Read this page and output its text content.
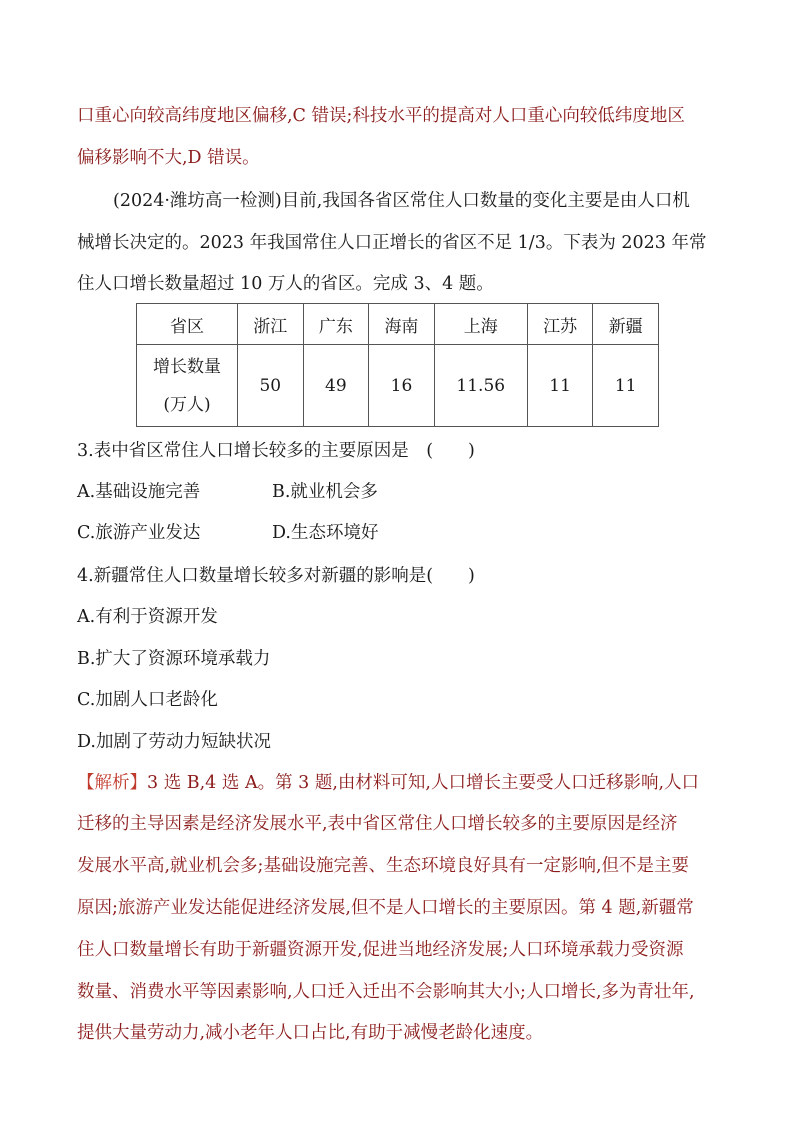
口重心向较高纬度地区偏移,C 错误;科技水平的提高对人口重心向较低纬度地区
偏移影响不大,D 错误。
(2024·潍坊高一检测)目前,我国各省区常住人口数量的变化主要是由人口机
械增长决定的。2023 年我国常住人口正增长的省区不足 1/3。下表为 2023 年常
住人口增长数量超过 10 万人的省区。完成 3、4 题。
省区	浙江	广东	海南	上海	江苏	新疆

增长数量
(万人)	50	49	16	11.56	11	11
3.表中省区常住人口增长较多的主要原因是　(　　)
A.基础设施完善	B.就业机会多
C.旅游产业发达	D.生态环境好
4.新疆常住人口数量增长较多对新疆的影响是(　　)
A.有利于资源开发
B.扩大了资源环境承载力
C.加剧人口老龄化
D.加剧了劳动力短缺状况
【解析】3 选 B,4 选 A。第 3 题,由材料可知,人口增长主要受人口迁移影响,人口
迁移的主导因素是经济发展水平,表中省区常住人口增长较多的主要原因是经济
发展水平高,就业机会多;基础设施完善、生态环境良好具有一定影响,但不是主要
原因;旅游产业发达能促进经济发展,但不是人口增长的主要原因。第 4 题,新疆常
住人口数量增长有助于新疆资源开发,促进当地经济发展;人口环境承载力受资源
数量、消费水平等因素影响,人口迁入迁出不会影响其大小;人口增长,多为青壮年,
提供大量劳动力,减小老年人口占比,有助于减慢老龄化速度。
